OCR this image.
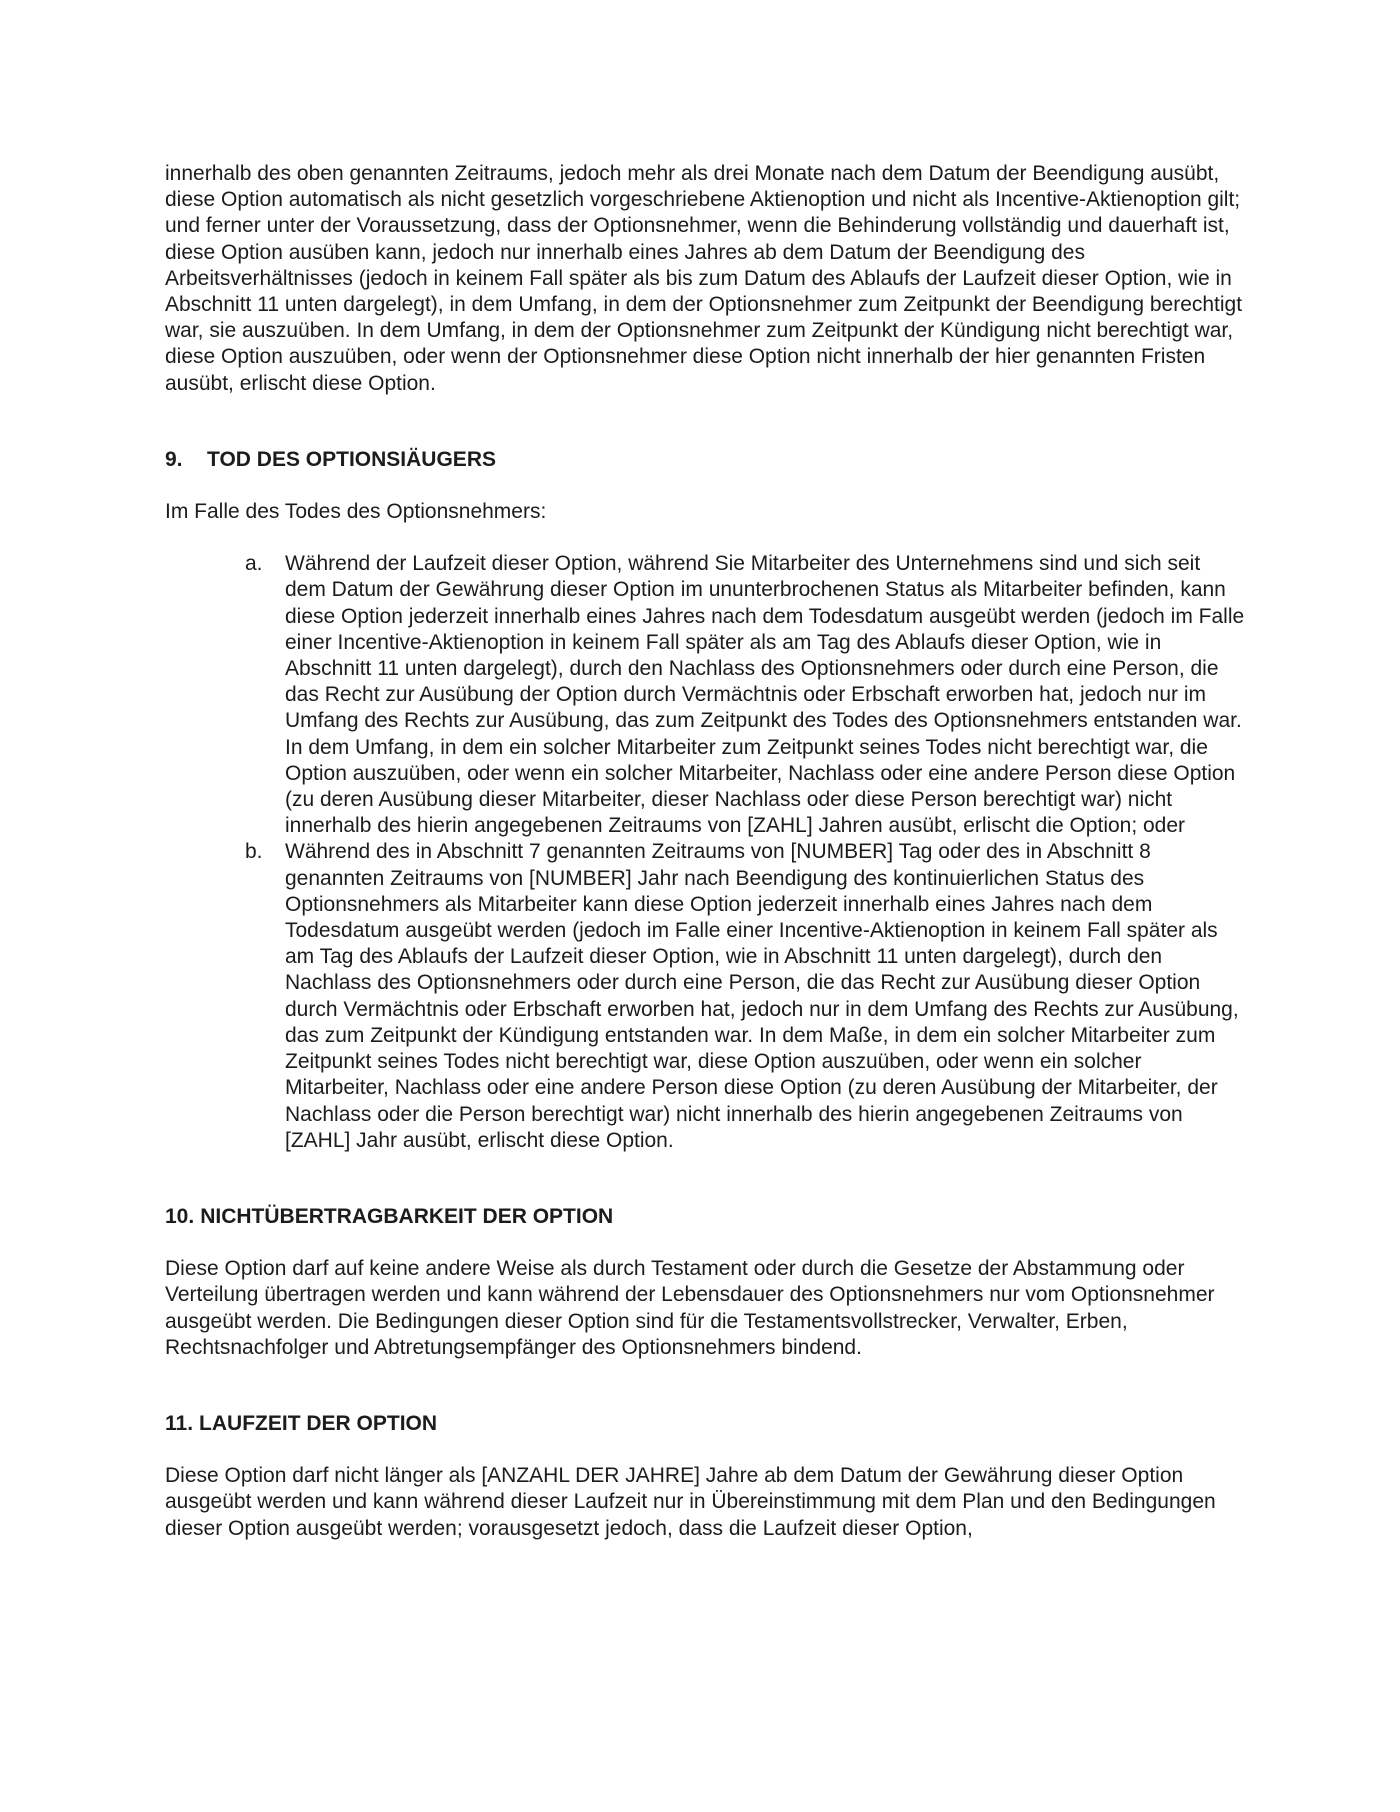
innerhalb des oben genannten Zeitraums, jedoch mehr als drei Monate nach dem Datum der Beendigung ausübt, diese Option automatisch als nicht gesetzlich vorgeschriebene Aktienoption und nicht als Incentive-Aktienoption gilt; und ferner unter der Voraussetzung, dass der Optionsnehmer, wenn die Behinderung vollständig und dauerhaft ist, diese Option ausüben kann, jedoch nur innerhalb eines Jahres ab dem Datum der Beendigung des Arbeitsverhältnisses (jedoch in keinem Fall später als bis zum Datum des Ablaufs der Laufzeit dieser Option, wie in Abschnitt 11 unten dargelegt), in dem Umfang, in dem der Optionsnehmer zum Zeitpunkt der Beendigung berechtigt war, sie auszuüben. In dem Umfang, in dem der Optionsnehmer zum Zeitpunkt der Kündigung nicht berechtigt war, diese Option auszuüben, oder wenn der Optionsnehmer diese Option nicht innerhalb der hier genannten Fristen ausübt, erlischt diese Option.

9. TOD DES OPTIONSIÄUGERS

Im Falle des Todes des Optionsnehmers:

a. Während der Laufzeit dieser Option, während Sie Mitarbeiter des Unternehmens sind und sich seit dem Datum der Gewährung dieser Option im ununterbrochenen Status als Mitarbeiter befinden, kann diese Option jederzeit innerhalb eines Jahres nach dem Todesdatum ausgeübt werden (jedoch im Falle einer Incentive-Aktienoption in keinem Fall später als am Tag des Ablaufs dieser Option, wie in Abschnitt 11 unten dargelegt), durch den Nachlass des Optionsnehmers oder durch eine Person, die das Recht zur Ausübung der Option durch Vermächtnis oder Erbschaft erworben hat, jedoch nur im Umfang des Rechts zur Ausübung, das zum Zeitpunkt des Todes des Optionsnehmers entstanden war. In dem Umfang, in dem ein solcher Mitarbeiter zum Zeitpunkt seines Todes nicht berechtigt war, die Option auszuüben, oder wenn ein solcher Mitarbeiter, Nachlass oder eine andere Person diese Option (zu deren Ausübung dieser Mitarbeiter, dieser Nachlass oder diese Person berechtigt war) nicht innerhalb des hierin angegebenen Zeitraums von [ZAHL] Jahren ausübt, erlischt die Option; oder
b. Während des in Abschnitt 7 genannten Zeitraums von [NUMBER] Tag oder des in Abschnitt 8 genannten Zeitraums von [NUMBER] Jahr nach Beendigung des kontinuierlichen Status des Optionsnehmers als Mitarbeiter kann diese Option jederzeit innerhalb eines Jahres nach dem Todesdatum ausgeübt werden (jedoch im Falle einer Incentive-Aktienoption in keinem Fall später als am Tag des Ablaufs der Laufzeit dieser Option, wie in Abschnitt 11 unten dargelegt), durch den Nachlass des Optionsnehmers oder durch eine Person, die das Recht zur Ausübung dieser Option durch Vermächtnis oder Erbschaft erworben hat, jedoch nur in dem Umfang des Rechts zur Ausübung, das zum Zeitpunkt der Kündigung entstanden war. In dem Maße, in dem ein solcher Mitarbeiter zum Zeitpunkt seines Todes nicht berechtigt war, diese Option auszuüben, oder wenn ein solcher Mitarbeiter, Nachlass oder eine andere Person diese Option (zu deren Ausübung der Mitarbeiter, der Nachlass oder die Person berechtigt war) nicht innerhalb des hierin angegebenen Zeitraums von [ZAHL] Jahr ausübt, erlischt diese Option.
10. NICHTÜBERTRAGBARKEIT DER OPTION

Diese Option darf auf keine andere Weise als durch Testament oder durch die Gesetze der Abstammung oder Verteilung übertragen werden und kann während der Lebensdauer des Optionsnehmers nur vom Optionsnehmer ausgeübt werden. Die Bedingungen dieser Option sind für die Testamentsvollstrecker, Verwalter, Erben, Rechtsnachfolger und Abtretungsempfänger des Optionsnehmers bindend.

11. LAUFZEIT DER OPTION

Diese Option darf nicht länger als [ANZAHL DER JAHRE] Jahre ab dem Datum der Gewährung dieser Option ausgeübt werden und kann während dieser Laufzeit nur in Übereinstimmung mit dem Plan und den Bedingungen dieser Option ausgeübt werden; vorausgesetzt jedoch, dass die Laufzeit dieser Option,
